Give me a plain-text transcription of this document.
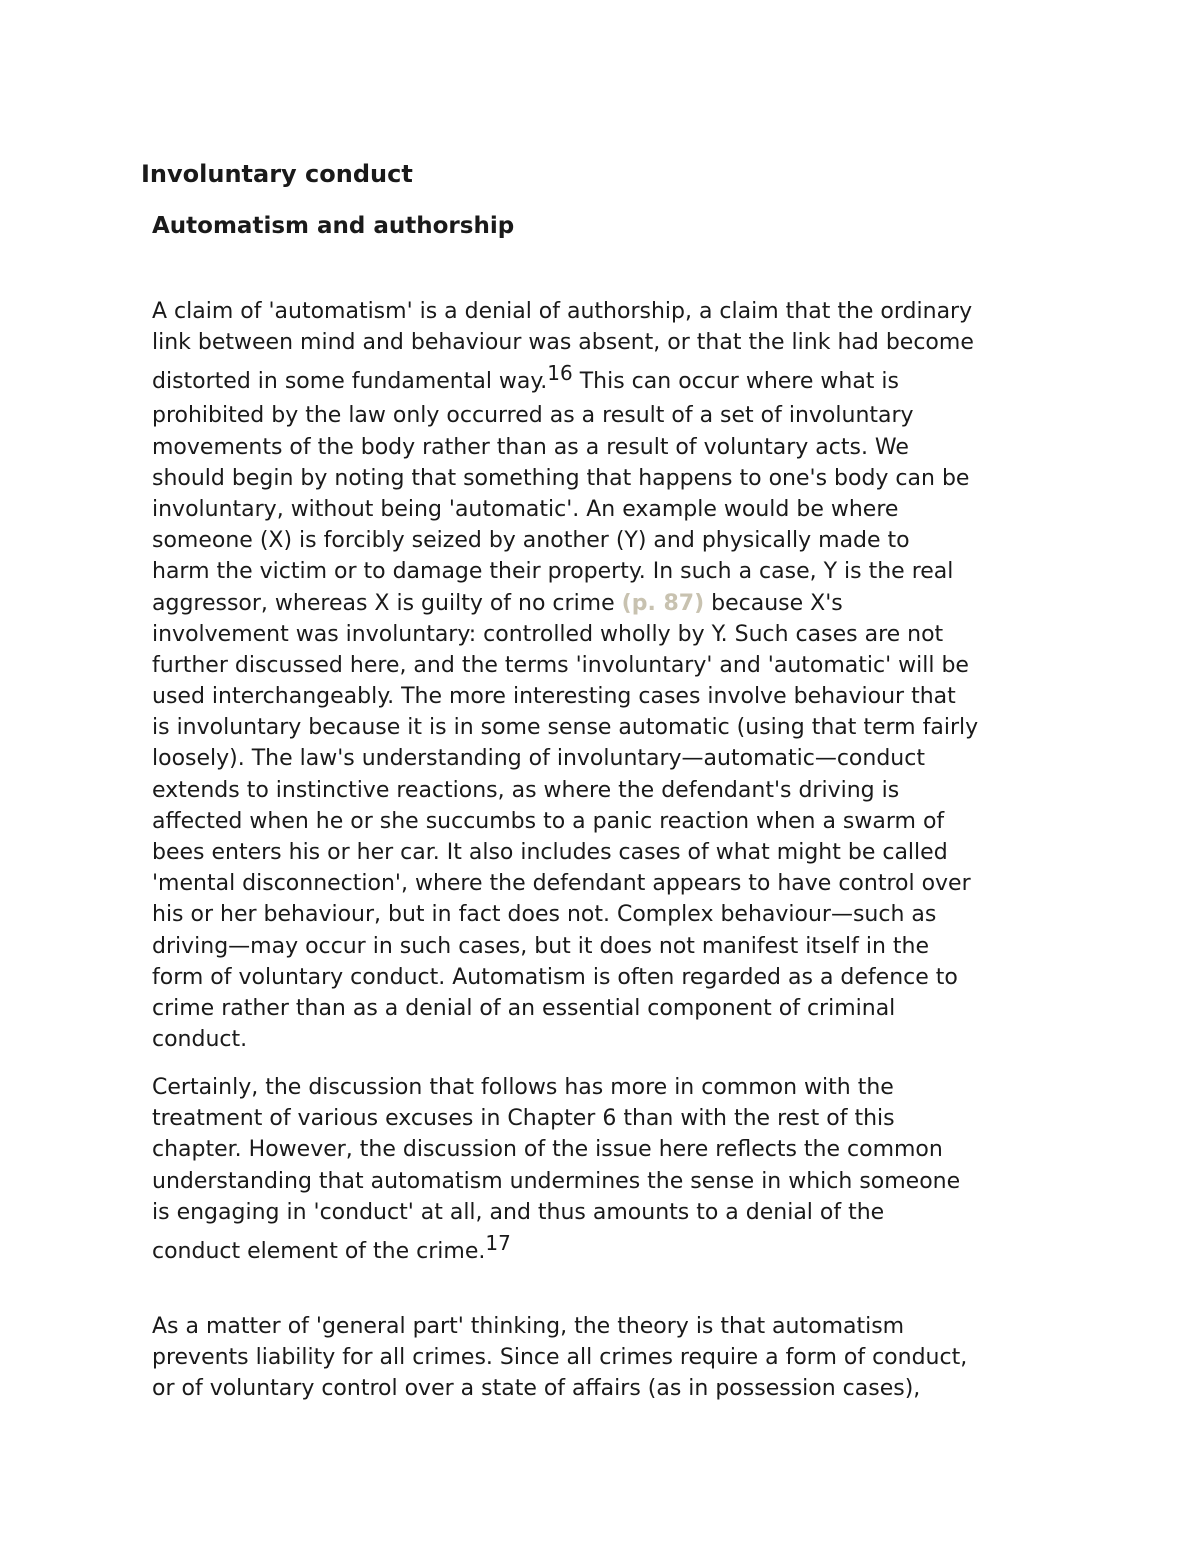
Involuntary conduct
Automatism and authorship
A claim of 'automatism' is a denial of authorship, a claim that the ordinary
link between mind and behaviour was absent, or that the link had become
distorted in some fundamental way.$^{16}$ This can occur where what is
prohibited by the law only occurred as a result of a set of involuntary
movements of the body rather than as a result of voluntary acts. We
should begin by noting that something that happens to one's body can be
involuntary, without being 'automatic'. An example would be where
someone (X) is forcibly seized by another (Y) and physically made to
harm the victim or to damage their property. In such a case, Y is the real
aggressor, whereas X is guilty of no crime (p. 87) because X's
involvement was involuntary: controlled wholly by Y. Such cases are not
further discussed here, and the terms 'involuntary' and 'automatic' will be
used interchangeably. The more interesting cases involve behaviour that
is involuntary because it is in some sense automatic (using that term fairly
loosely). The law's understanding of involuntary—automatic—conduct
extends to instinctive reactions, as where the defendant's driving is
affected when he or she succumbs to a panic reaction when a swarm of
bees enters his or her car. It also includes cases of what might be called
'mental disconnection', where the defendant appears to have control over
his or her behaviour, but in fact does not. Complex behaviour—such as
driving—may occur in such cases, but it does not manifest itself in the
form of voluntary conduct. Automatism is often regarded as a defence to
crime rather than as a denial of an essential component of criminal
conduct.
Certainly, the discussion that follows has more in common with the
treatment of various excuses in Chapter 6 than with the rest of this
chapter. However, the discussion of the issue here reflects the common
understanding that automatism undermines the sense in which someone
is engaging in 'conduct' at all, and thus amounts to a denial of the
conduct element of the crime.$^{17}$
As a matter of 'general part' thinking, the theory is that automatism
prevents liability for all crimes. Since all crimes require a form of conduct,
or of voluntary control over a state of affairs (as in possession cases),
